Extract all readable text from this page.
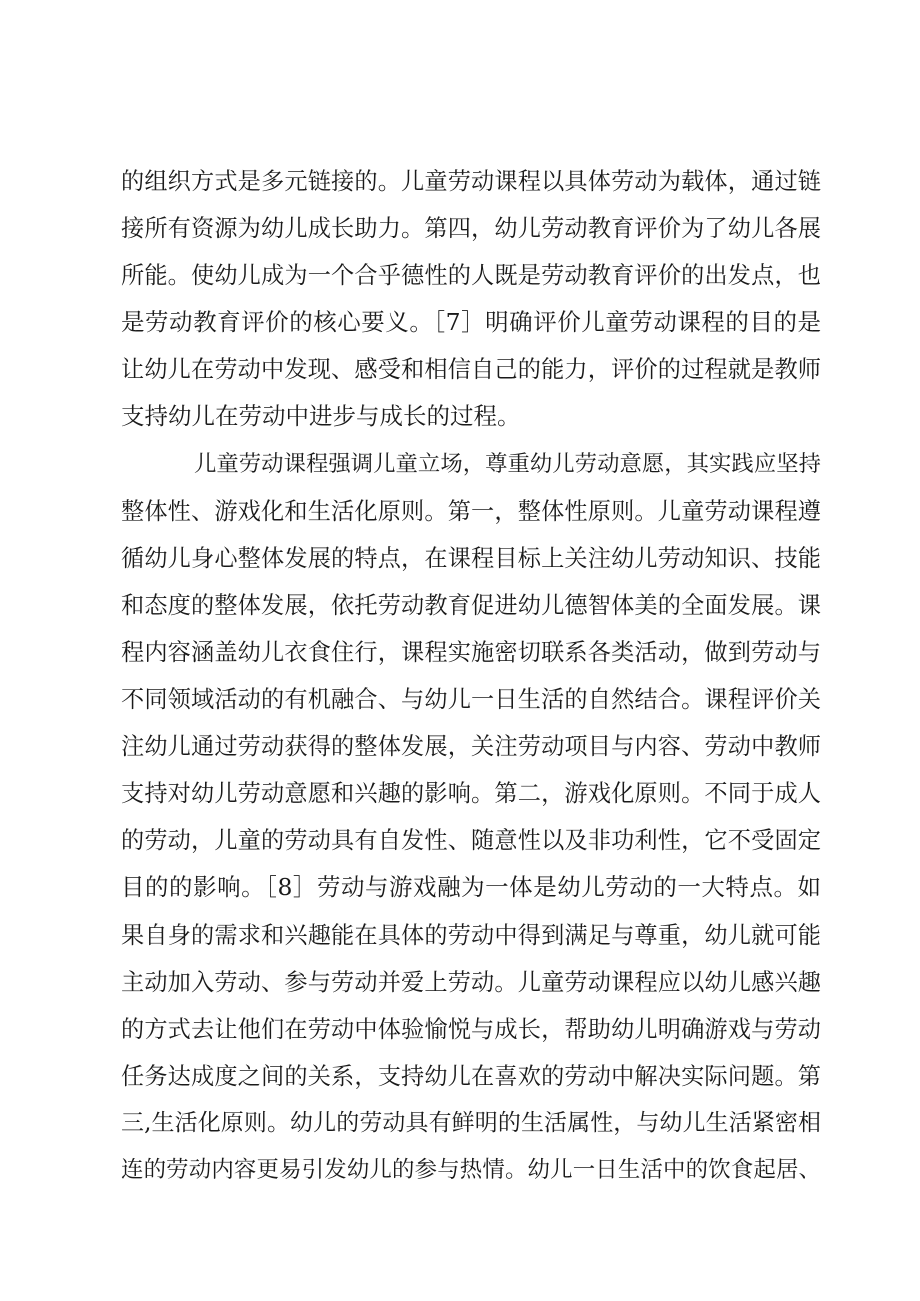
的组织方式是多元链接的。儿童劳动课程以具体劳动为载体，通过链
接所有资源为幼儿成长助力。第四，幼儿劳动教育评价为了幼儿各展
所能。使幼儿成为一个合乎德性的人既是劳动教育评价的出发点，也
是劳动教育评价的核心要义。［7］明确评价儿童劳动课程的目的是
让幼儿在劳动中发现、感受和相信自己的能力，评价的过程就是教师
支持幼儿在劳动中进步与成长的过程。
儿童劳动课程强调儿童立场，尊重幼儿劳动意愿，其实践应坚持
整体性、游戏化和生活化原则。第一，整体性原则。儿童劳动课程遵
循幼儿身心整体发展的特点，在课程目标上关注幼儿劳动知识、技能
和态度的整体发展，依托劳动教育促进幼儿德智体美的全面发展。课
程内容涵盖幼儿衣食住行，课程实施密切联系各类活动，做到劳动与
不同领域活动的有机融合、与幼儿一日生活的自然结合。课程评价关
注幼儿通过劳动获得的整体发展，关注劳动项目与内容、劳动中教师
支持对幼儿劳动意愿和兴趣的影响。第二，游戏化原则。不同于成人
的劳动，儿童的劳动具有自发性、随意性以及非功利性，它不受固定
目的的影响。［8］劳动与游戏融为一体是幼儿劳动的一大特点。如
果自身的需求和兴趣能在具体的劳动中得到满足与尊重，幼儿就可能
主动加入劳动、参与劳动并爱上劳动。儿童劳动课程应以幼儿感兴趣
的方式去让他们在劳动中体验愉悦与成长，帮助幼儿明确游戏与劳动
任务达成度之间的关系，支持幼儿在喜欢的劳动中解决实际问题。第
三,生活化原则。幼儿的劳动具有鲜明的生活属性，与幼儿生活紧密相
连的劳动内容更易引发幼儿的参与热情。幼儿一日生活中的饮食起居、
